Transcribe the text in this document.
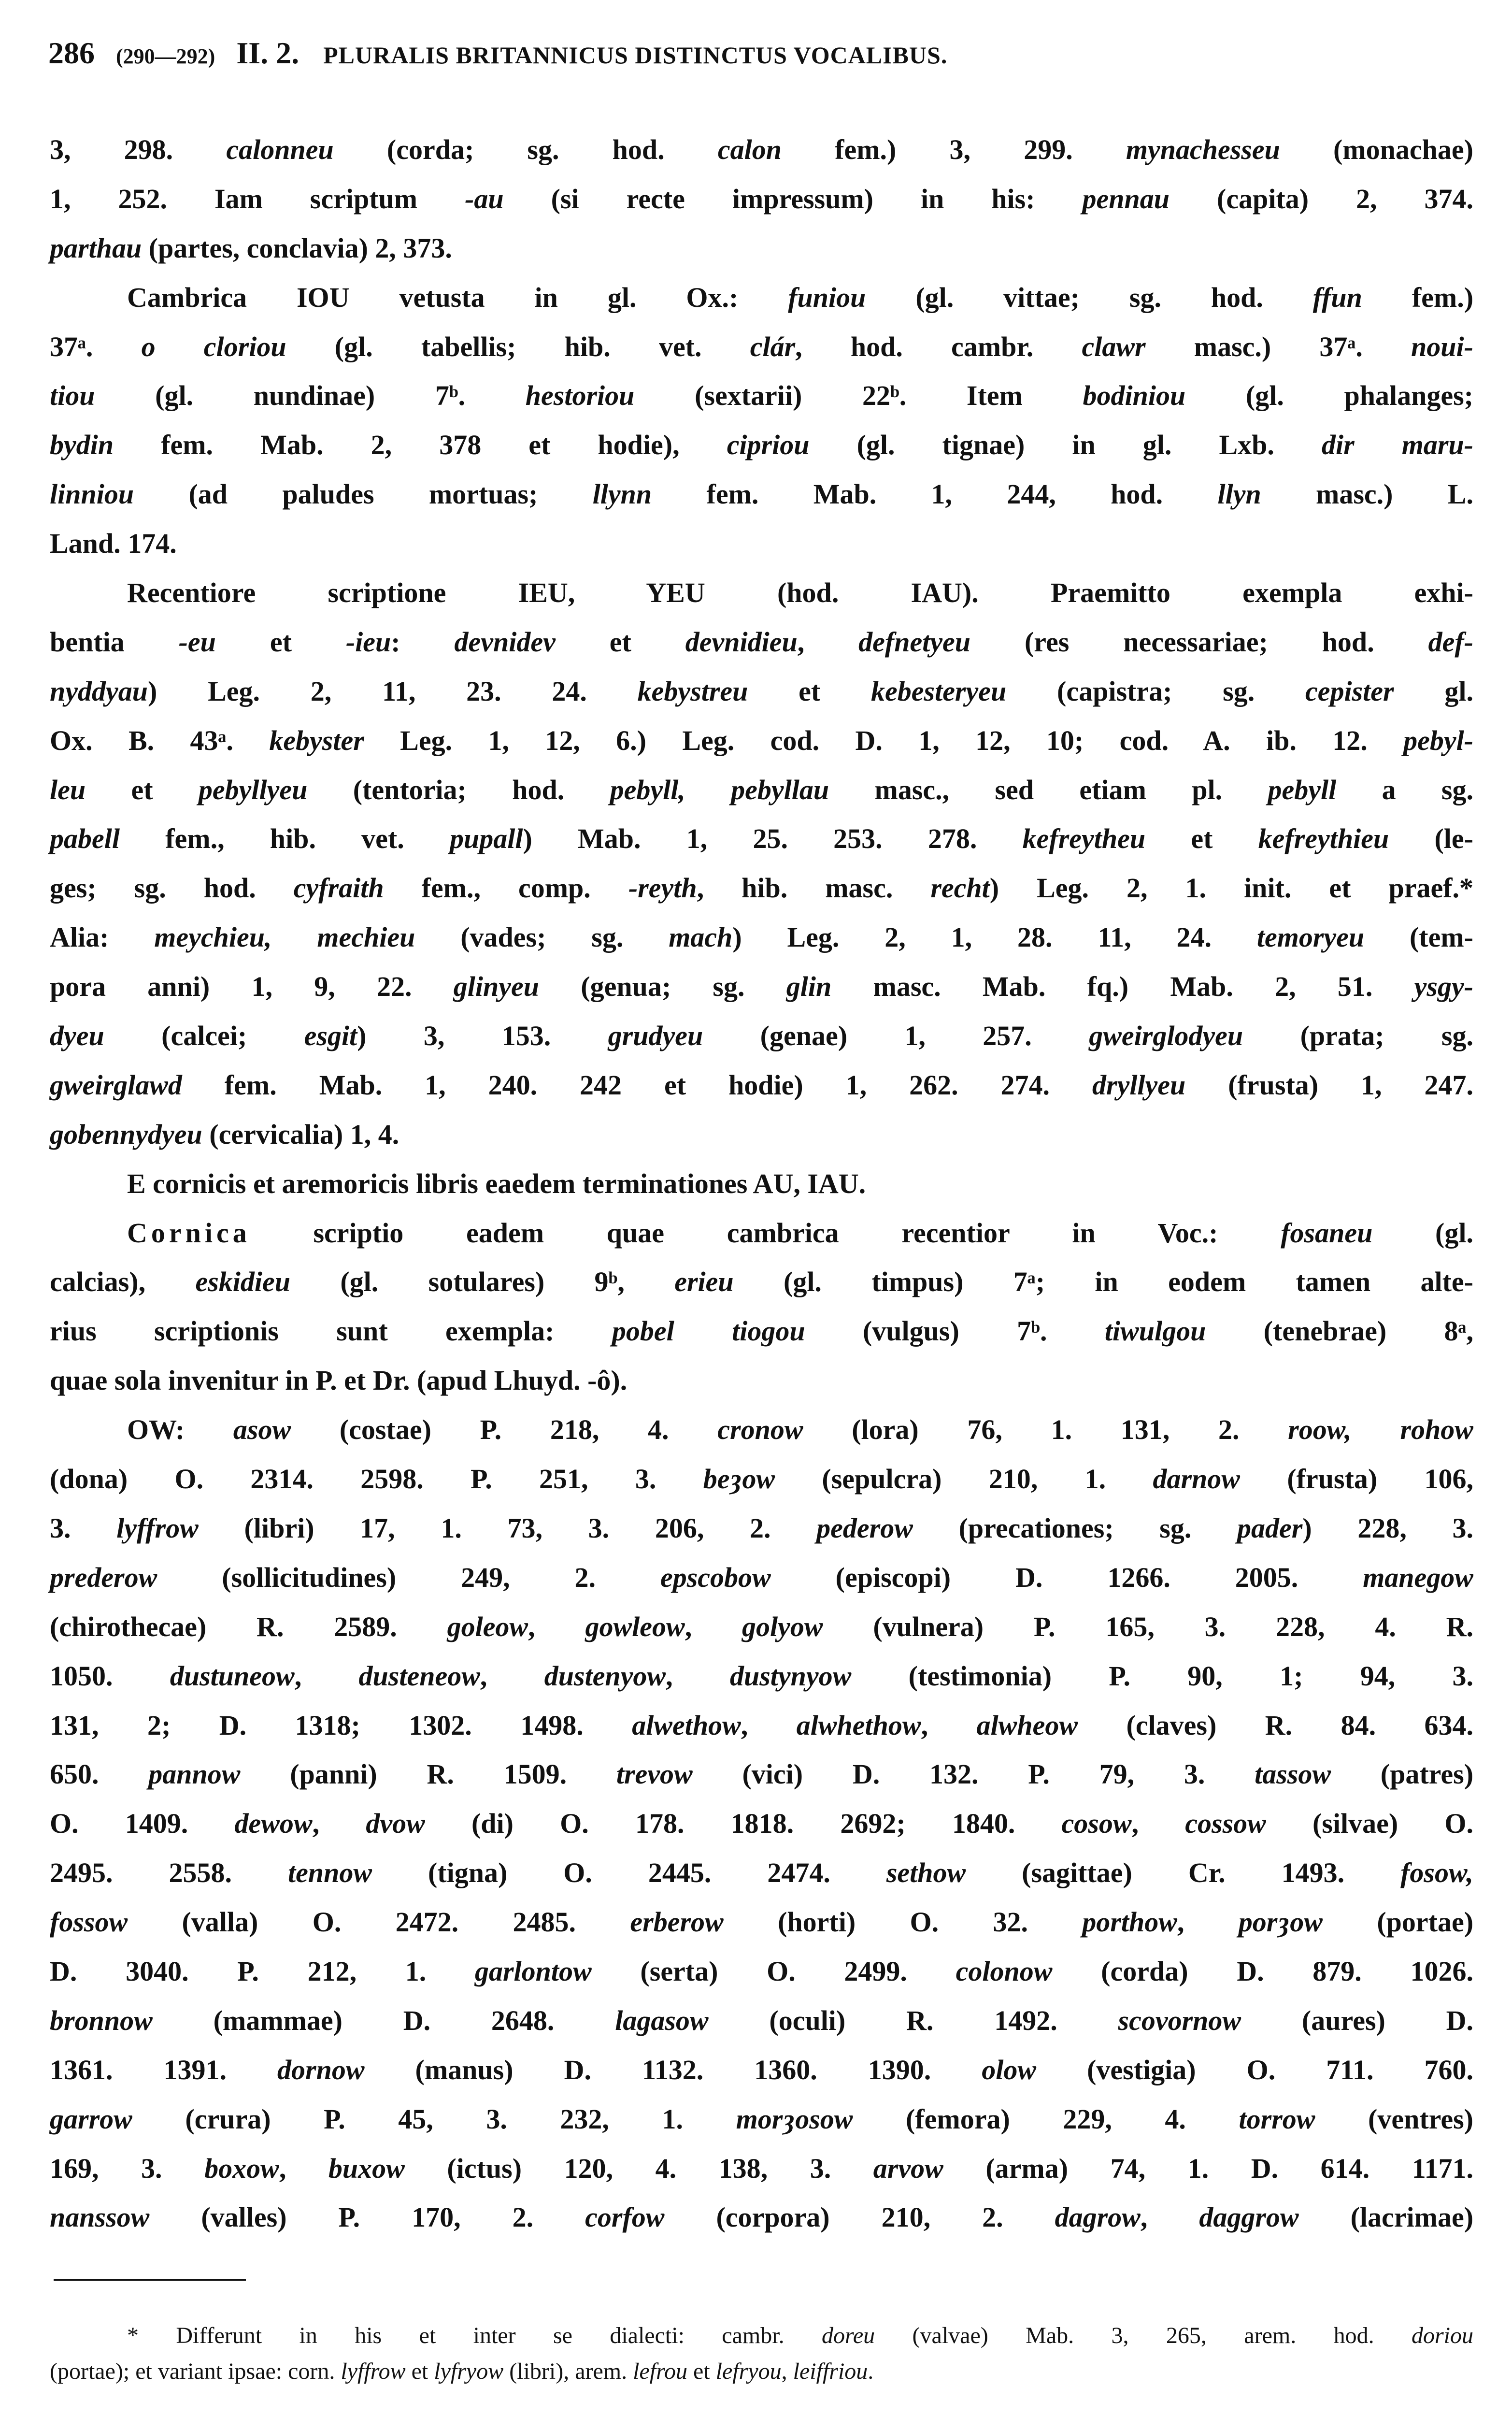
286 (290—292) II. 2. PLURALIS BRITANNICUS DISTINCTUS VOCALIBUS.
3, 298. calonneu (corda; sg. hod. calon fem.) 3, 299. mynachesseu (monachae)
1, 252. Iam scriptum -au (si recte impressum) in his: pennau (capita) 2, 374.
parthau (partes, conclavia) 2, 373.
Cambrica IOU vetusta in gl. Ox.: funiou (gl. vittae; sg. hod. ffun fem.)
37ᵃ. o cloriou (gl. tabellis; hib. vet. clár, hod. cambr. clawr masc.) 37ᵃ. noui-
tiou (gl. nundinae) 7ᵇ. hestoriou (sextarii) 22ᵇ. Item bodiniou (gl. phalanges;
bydin fem. Mab. 2, 378 et hodie), cipriou (gl. tignae) in gl. Lxb. dir maru-
linniou (ad paludes mortuas; llynn fem. Mab. 1, 244, hod. llyn masc.) L.
Land. 174.
Recentiore scriptione IEU, YEU (hod. IAU). Praemitto exempla exhi-
bentia -eu et -ieu: devnidev et devnidieu, defnetyeu (res necessariae; hod. def-
nyddyau) Leg. 2, 11, 23. 24. kebystreu et kebesteryeu (capistra; sg. cepister gl.
Ox. B. 43ᵃ. kebyster Leg. 1, 12, 6.) Leg. cod. D. 1, 12, 10; cod. A. ib. 12. pebyl-
leu et pebyllyeu (tentoria; hod. pebyll, pebyllau masc., sed etiam pl. pebyll a sg.
pabell fem., hib. vet. pupall) Mab. 1, 25. 253. 278. kefreytheu et kefreythieu (le-
ges; sg. hod. cyfraith fem., comp. -reyth, hib. masc. recht) Leg. 2, 1. init. et praef.*
Alia: meychieu, mechieu (vades; sg. mach) Leg. 2, 1, 28. 11, 24. temoryeu (tem-
pora anni) 1, 9, 22. glinyeu (genua; sg. glin masc. Mab. fq.) Mab. 2, 51. ysgy-
dyeu (calcei; esgit) 3, 153. grudyeu (genae) 1, 257. gweirglodyeu (prata; sg.
gweirglawd fem. Mab. 1, 240. 242 et hodie) 1, 262. 274. dryllyeu (frusta) 1, 247.
gobennydyeu (cervicalia) 1, 4.
E cornicis et aremoricis libris eaedem terminationes AU, IAU.
Cornica scriptio eadem quae cambrica recentior in Voc.: fosaneu (gl.
calcias), eskidieu (gl. sotulares) 9ᵇ, erieu (gl. timpus) 7ᵃ; in eodem tamen alte-
rius scriptionis sunt exempla: pobel tiogou (vulgus) 7ᵇ. tiwulgou (tenebrae) 8ᵃ,
quae sola invenitur in P. et Dr. (apud Lhuyd. -ô).
OW: asow (costae) P. 218, 4. cronow (lora) 76, 1. 131, 2. roow, rohow
(dona) O. 2314. 2598. P. 251, 3. beȝow (sepulcra) 210, 1. darnow (frusta) 106,
3. lyffrow (libri) 17, 1. 73, 3. 206, 2. pederow (precationes; sg. pader) 228, 3.
prederow (sollicitudines) 249, 2. epscobow (episcopi) D. 1266. 2005. manegow
(chirothecae) R. 2589. goleow, gowleow, golyow (vulnera) P. 165, 3. 228, 4. R.
1050. dustuneow, dusteneow, dustenyow, dustynyow (testimonia) P. 90, 1; 94, 3.
131, 2; D. 1318; 1302. 1498. alwethow, alwhethow, alwheow (claves) R. 84. 634.
650. pannow (panni) R. 1509. trevow (vici) D. 132. P. 79, 3. tassow (patres)
O. 1409. dewow, dvow (di) O. 178. 1818. 2692; 1840. cosow, cossow (silvae) O.
2495. 2558. tennow (tigna) O. 2445. 2474. sethow (sagittae) Cr. 1493. fosow,
fossow (valla) O. 2472. 2485. erberow (horti) O. 32. porthow, porȝow (portae)
D. 3040. P. 212, 1. garlontow (serta) O. 2499. colonow (corda) D. 879. 1026.
bronnow (mammae) D. 2648. lagasow (oculi) R. 1492. scovornow (aures) D.
1361. 1391. dornow (manus) D. 1132. 1360. 1390. olow (vestigia) O. 711. 760.
garrow (crura) P. 45, 3. 232, 1. morȝosow (femora) 229, 4. torrow (ventres)
169, 3. boxow, buxow (ictus) 120, 4. 138, 3. arvow (arma) 74, 1. D. 614. 1171.
nanssow (valles) P. 170, 2. corfow (corpora) 210, 2. dagrow, daggrow (lacrimae)
* Differunt in his et inter se dialecti: cambr. doreu (valvae) Mab. 3, 265, arem. hod. doriou
(portae); et variant ipsae: corn. lyffrow et lyfryow (libri), arem. lefrou et lefryou, leiffriou.
